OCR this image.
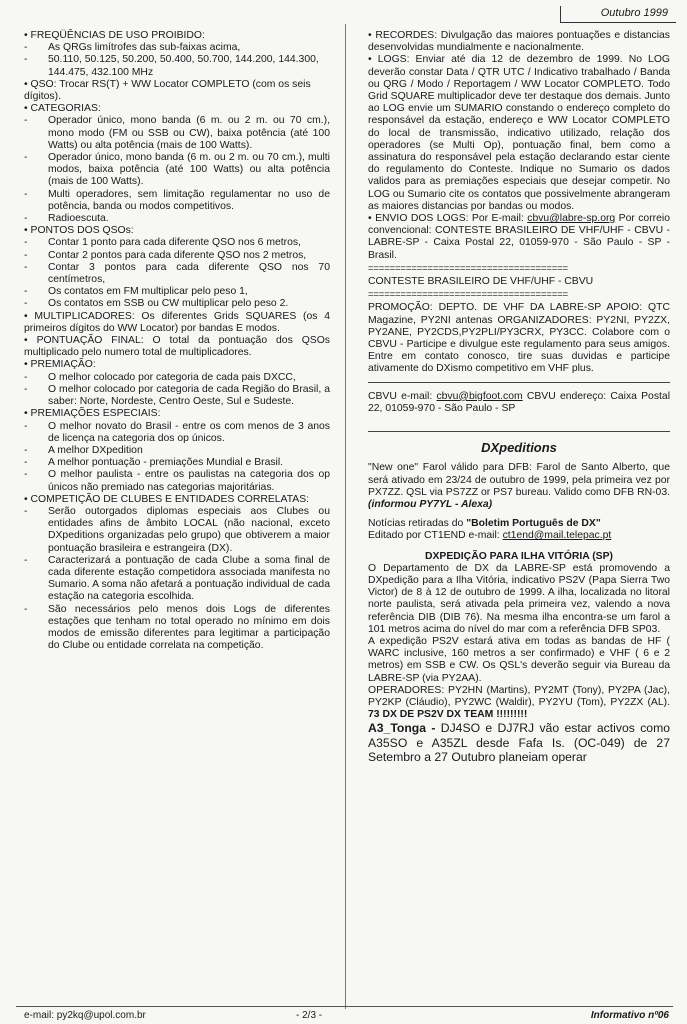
Outubro 1999

• FREQÜÊNCIAS DE USO PROIBIDO:

- As QRGs limítrofes das sub-faixas acima,

- 50.110, 50.125, 50.200, 50.400, 50.700, 144.200, 144.300, 144.475, 432.100 MHz

• QSO: Trocar RS(T) + WW Locator COMPLETO (com os seis dígitos).

• CATEGORIAS:

- Operador único, mono banda (6 m. ou 2 m. ou 70 cm.), mono modo (FM ou SSB ou CW), baixa potência (até 100 Watts) ou alta potência (mais de 100 Watts).

- Operador único, mono banda (6 m. ou 2 m. ou 70 cm.), multi modos, baixa potência (até 100 Watts) ou alta potência (mais de 100 Watts).

- Multi operadores, sem limitação regulamentar no uso de potência, banda ou modos competitivos.

- Radioescuta.

• PONTOS DOS QSOs:

- Contar 1 ponto para cada diferente QSO nos 6 metros,

- Contar 2 pontos para cada diferente QSO nos 2 metros,

- Contar 3 pontos para cada diferente QSO nos 70 centímetros,

- Os contatos em FM multiplicar pelo peso 1,

- Os contatos em SSB ou CW multiplicar pelo peso 2.

• MULTIPLICADORES: Os diferentes Grids SQUARES (os 4 primeiros dígitos do WW Locator) por bandas E modos.

• PONTUAÇÃO FINAL: O total da pontuação dos QSOs multiplicado pelo numero total de multiplicadores.

• PREMIAÇÃO:

- O melhor colocado por categoria de cada pais DXCC,

- O melhor colocado por categoria de cada Região do Brasil, a saber: Norte, Nordeste, Centro Oeste, Sul e Sudeste.

• PREMIAÇÕES ESPECIAIS:

- O melhor novato do Brasil - entre os com menos de 3 anos de licença na categoria dos op únicos.

- A melhor DXpedition

- A melhor pontuação - premiações Mundial e Brasil.

- O melhor paulista - entre os paulistas na categoria dos op únicos não premiado nas categorias majoritárias.

• COMPETIÇÃO DE CLUBES E ENTIDADES CORRELATAS:

- Serão outorgados diplomas especiais aos Clubes ou entidades afins de âmbito LOCAL (não nacional, exceto DXpeditions organizadas pelo grupo) que obtiverem a maior pontuação brasileira e estrangeira (DX).

- Caracterizará a pontuação de cada Clube a soma final de cada diferente estação competidora associada manifesta no Sumario. A soma não afetará a pontuação individual de cada estação na categoria escolhida.

- São necessários pelo menos dois Logs de diferentes estações que tenham no total operado no mínimo em dois modos de emissão diferentes para legitimar a participação do Clube ou entidade correlata na competição.

• RECORDES: Divulgação das maiores pontuações e distancias desenvolvidas mundialmente e nacionalmente.

• LOGS: Enviar até dia 12 de dezembro de 1999. No LOG deverão constar Data / QTR UTC / Indicativo trabalhado / Banda ou QRG / Modo / Reportagem / WW Locator COMPLETO. Todo Grid SQUARE multiplicador deve ter destaque dos demais. Junto ao LOG envie um SUMARIO constando o endereço completo do responsável da estação, endereço e WW Locator COMPLETO do local de transmissão, indicativo utilizado, relação dos operadores (se Multi Op), pontuação final, bem como a assinatura do responsável pela estação declarando estar ciente do regulamento do Conteste. Indique no Sumario os dados validos para as premiações especiais que desejar competir. No LOG ou Sumario cite os contatos que possivelmente abrangeram as maiores distancias por bandas ou modos.

• ENVIO DOS LOGS: Por E-mail: cbvu@labre-sp.org Por correio convencional: CONTESTE BRASILEIRO DE VHF/UHF - CBVU - LABRE-SP - Caixa Postal 22, 01059-970 - São Paulo - SP - Brasil.

=====================================

CONTESTE BRASILEIRO DE VHF/UHF - CBVU

=====================================

PROMOÇÃO: DEPTO. DE VHF DA LABRE-SP APOIO: QTC Magazine, PY2NI antenas ORGANIZADORES: PY2NI, PY2ZX, PY2ANE, PY2CDS,PY2PLI/PY3CRX, PY3CC. Colabore com o CBVU - Participe e divulgue este regulamento para seus amigos. Entre em contato conosco, tire suas duvidas e participe ativamente do DXismo competitivo em VHF plus.

CBVU e-mail: cbvu@bigfoot.com CBVU endereço: Caixa Postal 22, 01059-970 - São Paulo - SP

DXpeditions

"New one" Farol válido para DFB: Farol de Santo Alberto, que será ativado em 23/24 de outubro de 1999, pela primeira vez por PX7ZZ. QSL via PS7ZZ or PS7 bureau. Valido como DFB RN-03. (informou PY7YL - Alexa)

Notícias retiradas do "Boletim Português de DX"

Editado por CT1END e-mail: ct1end@mail.telepac.pt

DXPEDIÇÃO PARA ILHA VITÓRIA (SP)

O Departamento de DX da LABRE-SP está promovendo a DXpedição para a Ilha Vitória, indicativo PS2V (Papa Sierra Two Victor) de 8 à 12 de outubro de 1999. A ilha, localizada no litoral norte paulista, será ativada pela primeira vez, valendo a nova referência DIB (DIB 76). Na mesma ilha encontra-se um farol a 101 metros acima do nível do mar com a referência DFB SP03.

A expedição PS2V estará ativa em todas as bandas de HF ( WARC inclusive, 160 metros a ser confirmado) e VHF ( 6 e 2 metros) em SSB e CW. Os QSL's deverão seguir via Bureau da LABRE-SP (via PY2AA).

OPERADORES: PY2HN (Martins), PY2MT (Tony), PY2PA (Jac), PY2KP (Cláudio), PY2WC (Waldir), PY2YU (Tom), PY2ZX (AL). 73 DX DE PS2V DX TEAM !!!!!!!!!

A3_Tonga - DJ4SO e DJ7RJ vão estar activos como A35SO e A35ZL desde Fafa Is. (OC-049) de 27 Setembro a 27 Outubro planeiam operar

e-mail: py2kq@upol.com.br	- 2/3 -	Informativo nº06
